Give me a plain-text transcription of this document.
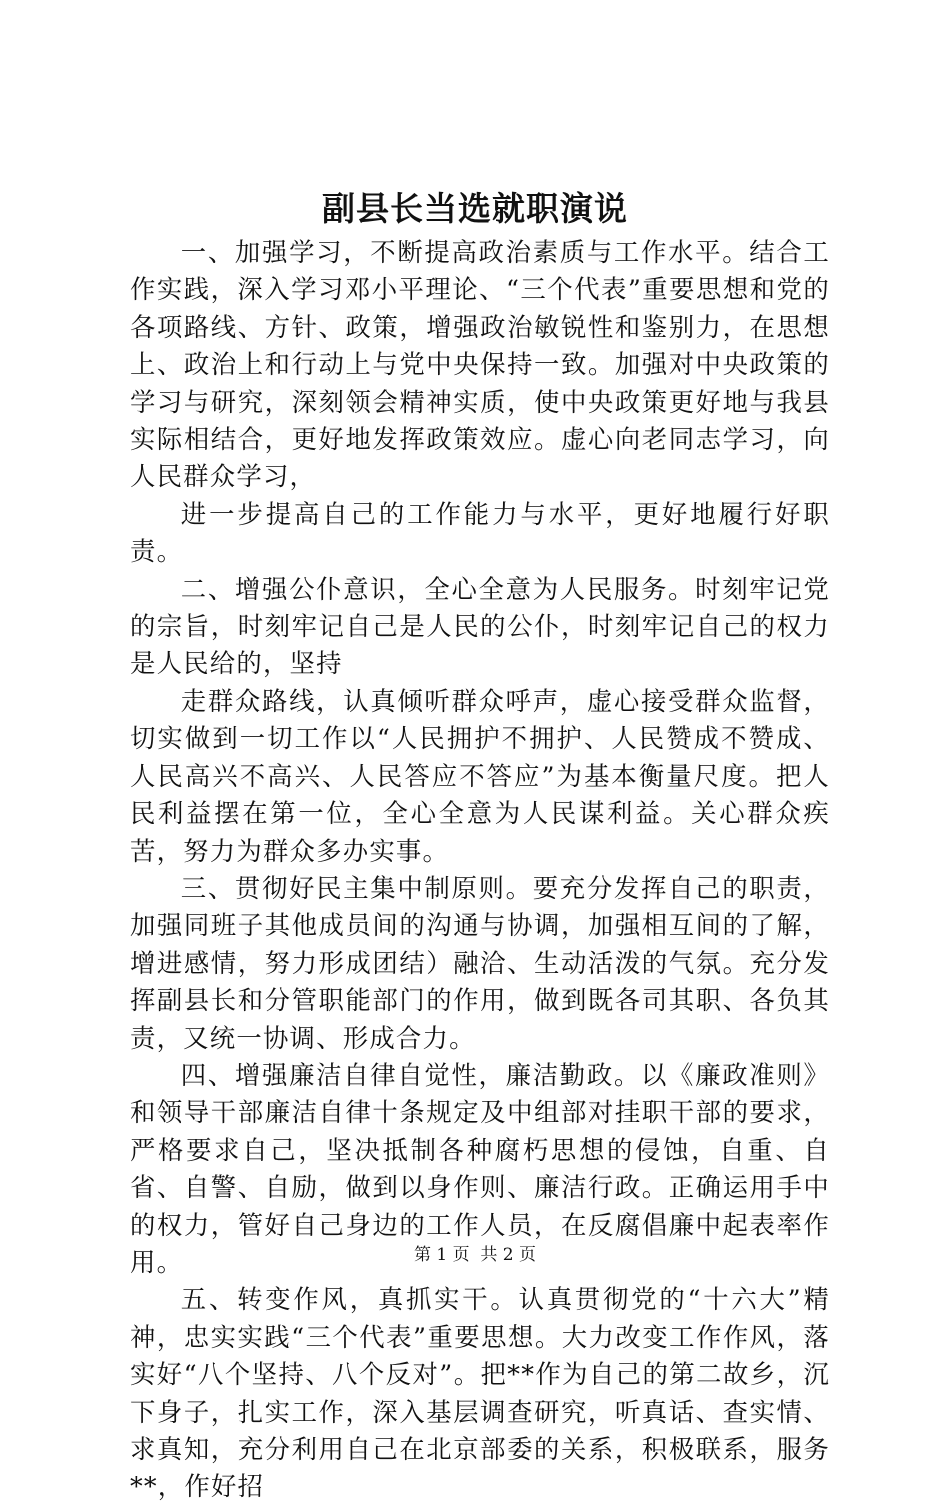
副县长当选就职演说

一、加强学习，不断提高政治素质与工作水平。结合工作实践，深入学习邓小平理论、“三个代表”重要思想和党的各项路线、方针、政策，增强政治敏锐性和鉴别力，在思想上、政治上和行动上与党中央保持一致。加强对中央政策的学习与研究，深刻领会精神实质，使中央政策更好地与我县实际相结合，更好地发挥政策效应。虚心向老同志学习，向人民群众学习，

进一步提高自己的工作能力与水平，更好地履行好职责。

二、增强公仆意识，全心全意为人民服务。时刻牢记党的宗旨，时刻牢记自己是人民的公仆，时刻牢记自己的权力是人民给的，坚持

走群众路线，认真倾听群众呼声，虚心接受群众监督，切实做到一切工作以“人民拥护不拥护、人民赞成不赞成、人民高兴不高兴、人民答应不答应”为基本衡量尺度。把人民利益摆在第一位，全心全意为人民谋利益。关心群众疾苦，努力为群众多办实事。

三、贯彻好民主集中制原则。要充分发挥自己的职责，加强同班子其他成员间的沟通与协调，加强相互间的了解，增进感情，努力形成团结）融洽、生动活泼的气氛。充分发挥副县长和分管职能部门的作用，做到既各司其职、各负其责，又统一协调、形成合力。

四、增强廉洁自律自觉性，廉洁勤政。以《廉政准则》和领导干部廉洁自律十条规定及中组部对挂职干部的要求，严格要求自己，坚决抵制各种腐朽思想的侵蚀，自重、自省、自警、自励，做到以身作则、廉洁行政。正确运用手中的权力，管好自己身边的工作人员，在反腐倡廉中起表率作用。

五、转变作风，真抓实干。认真贯彻党的“十六大”精神，忠实实践“三个代表”重要思想。大力改变工作作风，落实好“八个坚持、八个反对”。把**作为自己的第二故乡，沉下身子，扎实工作，深入基层调查研究，听真话、查实情、求真知，充分利用自己在北京部委的关系，积极联系，服务**，作好招

第 1 页  共 2 页
